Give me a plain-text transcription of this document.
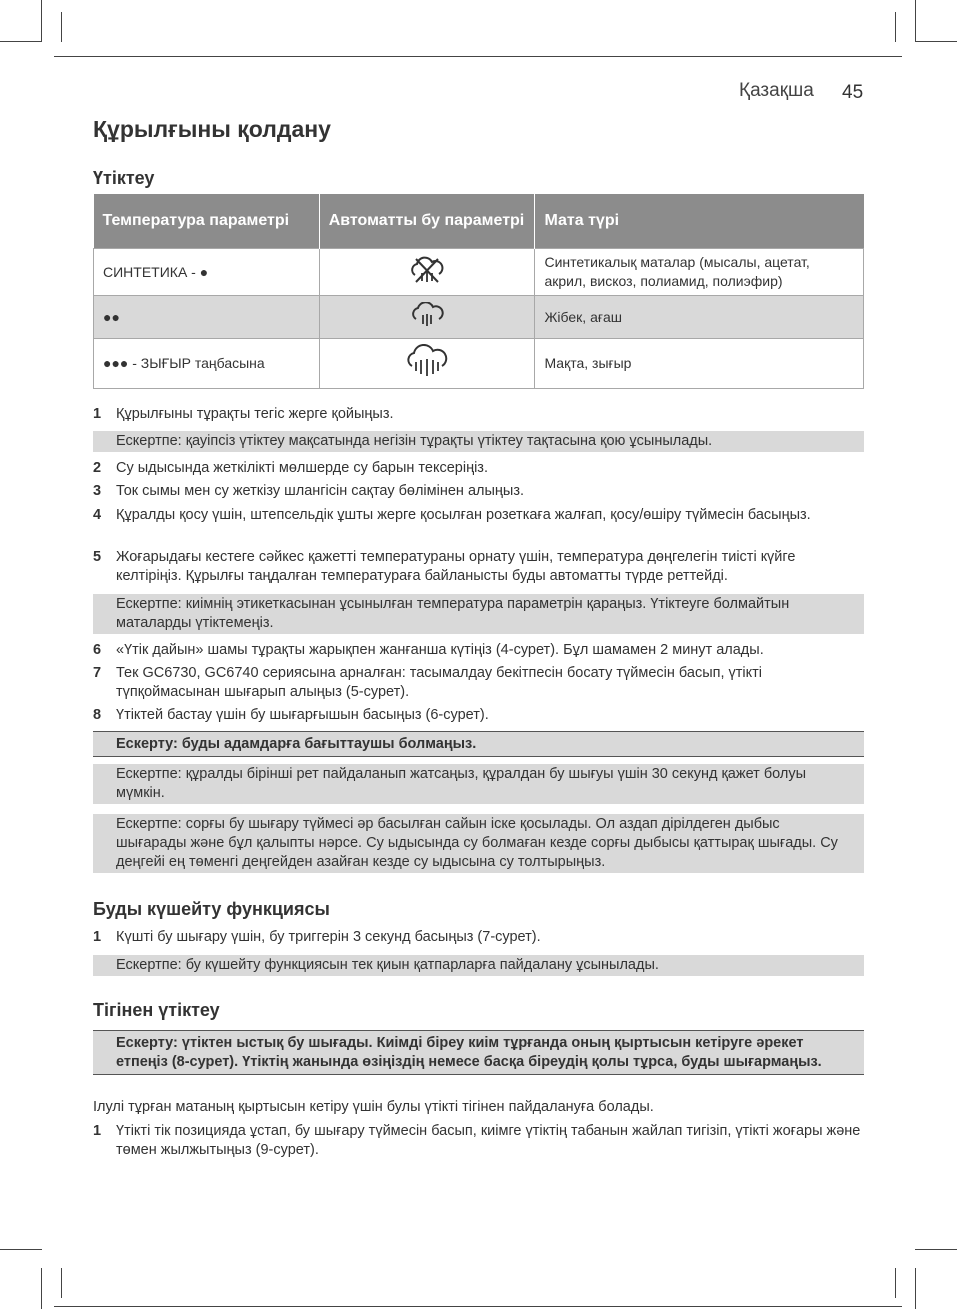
Қазақша 45
Құрылғыны қолдану
Үтіктеу
Температура параметрі	Автоматты бу параметрі	Мата түрі
СИНТЕТИКА - ●		Синтетикалық маталар (мысалы, ацетат, акрил, вискоз, полиамид, полиэфир)
●●		Жібек, ағаш
●●● - ЗЫҒЫР таңбасына		Мақта, зығыр
1	Құрылғыны тұрақты тегіс жерге қойыңыз.
Ескертпе: қауіпсіз үтіктеу мақсатында негізін тұрақты үтіктеу тақтасына қою ұсынылады.
2	Су ыдысында жеткілікті мөлшерде су барын тексеріңіз.
3	Ток сымы мен су жеткізу шлангісін сақтау бөлімінен алыңыз.
4	Құралды қосу үшін, штепсельдік ұшты жерге қосылған розеткаға жалғап, қосу/өшіру түймесін басыңыз.
5	Жоғарыдағы кестеге сәйкес қажетті температураны орнату үшін, температура дөңгелегін тиісті күйге келтіріңіз. Құрылғы таңдалған температураға байланысты буды автоматты түрде реттейді.
Ескертпе: киімнің этикеткасынан ұсынылған температура параметрін қараңыз. Үтіктеуге болмайтын маталарды үтіктемеңіз.
6	«Үтік дайын» шамы тұрақты жарықпен жанғанша күтіңіз (4-сурет). Бұл шамамен 2 минут алады.
7	Тек GC6730, GC6740 сериясына арналған: тасымалдау бекітпесін босату түймесін басып, үтікті түпқоймасынан шығарып алыңыз (5-сурет).
8	Үтіктей бастау үшін бу шығарғышын басыңыз (6-сурет).
Ескерту: буды адамдарға бағыттаушы болмаңыз.
Ескертпе: құралды бірінші рет пайдаланып жатсаңыз, құралдан бу шығуы үшін 30 секунд қажет болуы мүмкін.
Ескертпе: сорғы бу шығару түймесі әр басылған сайын іске қосылады. Ол аздап дірілдеген дыбыс шығарады және бұл қалыпты нәрсе. Су ыдысында су болмаған кезде сорғы дыбысы қаттырақ шығады. Су деңгейі ең төменгі деңгейден азайған кезде су ыдысына су толтырыңыз.
Буды күшейту функциясы
1	Күшті бу шығару үшін, бу триггерін 3 секунд басыңыз (7-сурет).
Ескертпе: бу күшейту функциясын тек қиын қатпарларға пайдалану ұсынылады.
Тігінен үтіктеу
Ескерту: үтіктен ыстық бу шығады. Киімді біреу киім тұрғанда оның қыртысын кетіруге әрекет етпеңіз (8-сурет). Үтіктің жанында өзіңіздің немесе басқа біреудің қолы тұрса, буды шығармаңыз.
Ілулі тұрған матаның қыртысын кетіру үшін булы үтікті тігінен пайдалануға болады.
1	Үтікті тік позицияда ұстап, бу шығару түймесін басып, киімге үтіктің табанын жайлап тигізіп, үтікті жоғары және төмен жылжытыңыз (9-сурет).
